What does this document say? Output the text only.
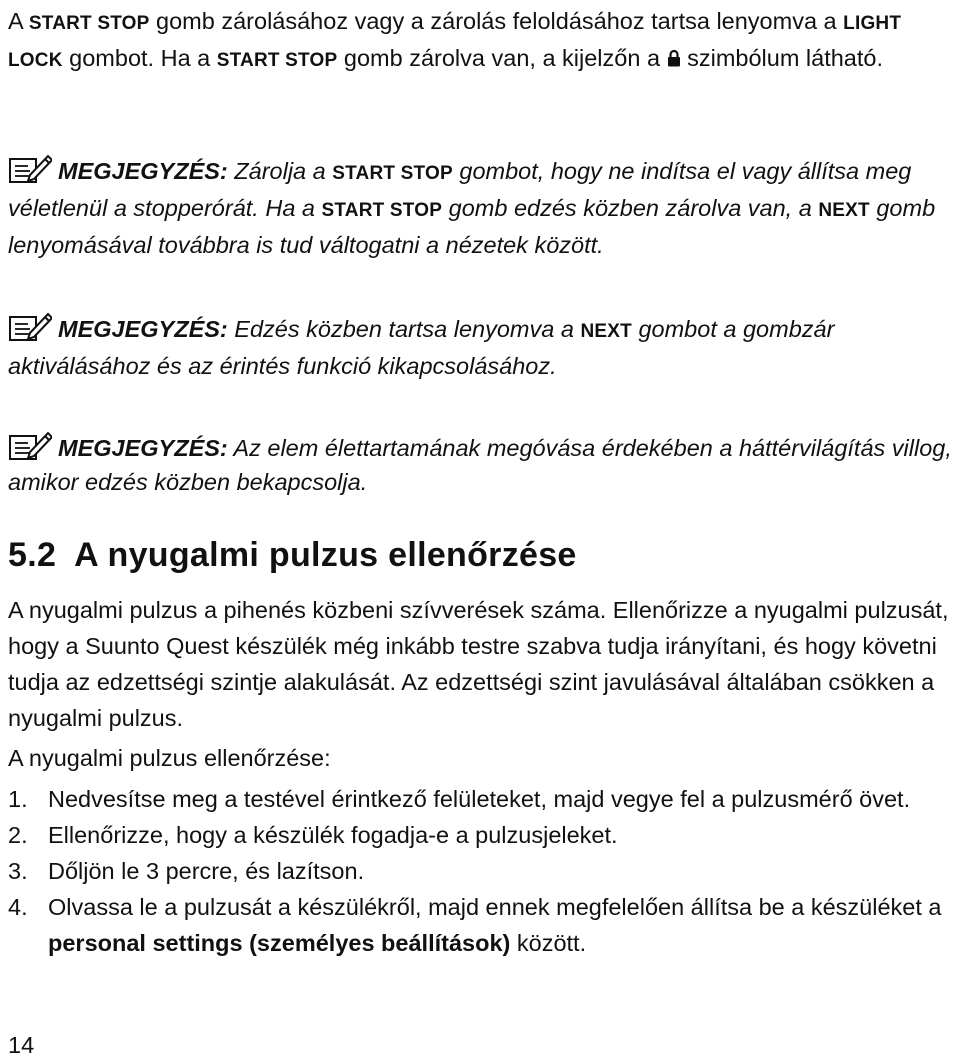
A START STOP gomb zárolásához vagy a zárolás feloldásához tartsa lenyomva a LIGHT LOCK gombot. Ha a START STOP gomb zárolva van, a kijelzőn a  szimbólum látható.

MEGJEGYZÉS: Zárolja a START STOP gombot, hogy ne indítsa el vagy állítsa meg véletlenül a stopperórát. Ha a START STOP gomb edzés közben zárolva van, a NEXT gomb lenyomásával továbbra is tud váltogatni a nézetek között.

MEGJEGYZÉS: Edzés közben tartsa lenyomva a NEXT gombot a gombzár aktiválásához és az érintés funkció kikapcsolásához.

MEGJEGYZÉS: Az elem élettartamának megóvása érdekében a háttérvilágítás villog, amikor edzés közben bekapcsolja.

5.2 A nyugalmi pulzus ellenőrzése

A nyugalmi pulzus a pihenés közbeni szívverések száma. Ellenőrizze a nyugalmi pulzusát, hogy a Suunto Quest készülék még inkább testre szabva tudja irányítani, és hogy követni tudja az edzettségi szintje alakulását. Az edzettségi szint javulásával általában csökken a nyugalmi pulzus.

A nyugalmi pulzus ellenőrzése:

1. Nedvesítse meg a testével érintkező felületeket, majd vegye fel a pulzusmérő övet.
2. Ellenőrizze, hogy a készülék fogadja-e a pulzusjeleket.
3. Dőljön le 3 percre, és lazítson.
4. Olvassa le a pulzusát a készülékről, majd ennek megfelelően állítsa be a készüléket a personal settings (személyes beállítások) között.
14
